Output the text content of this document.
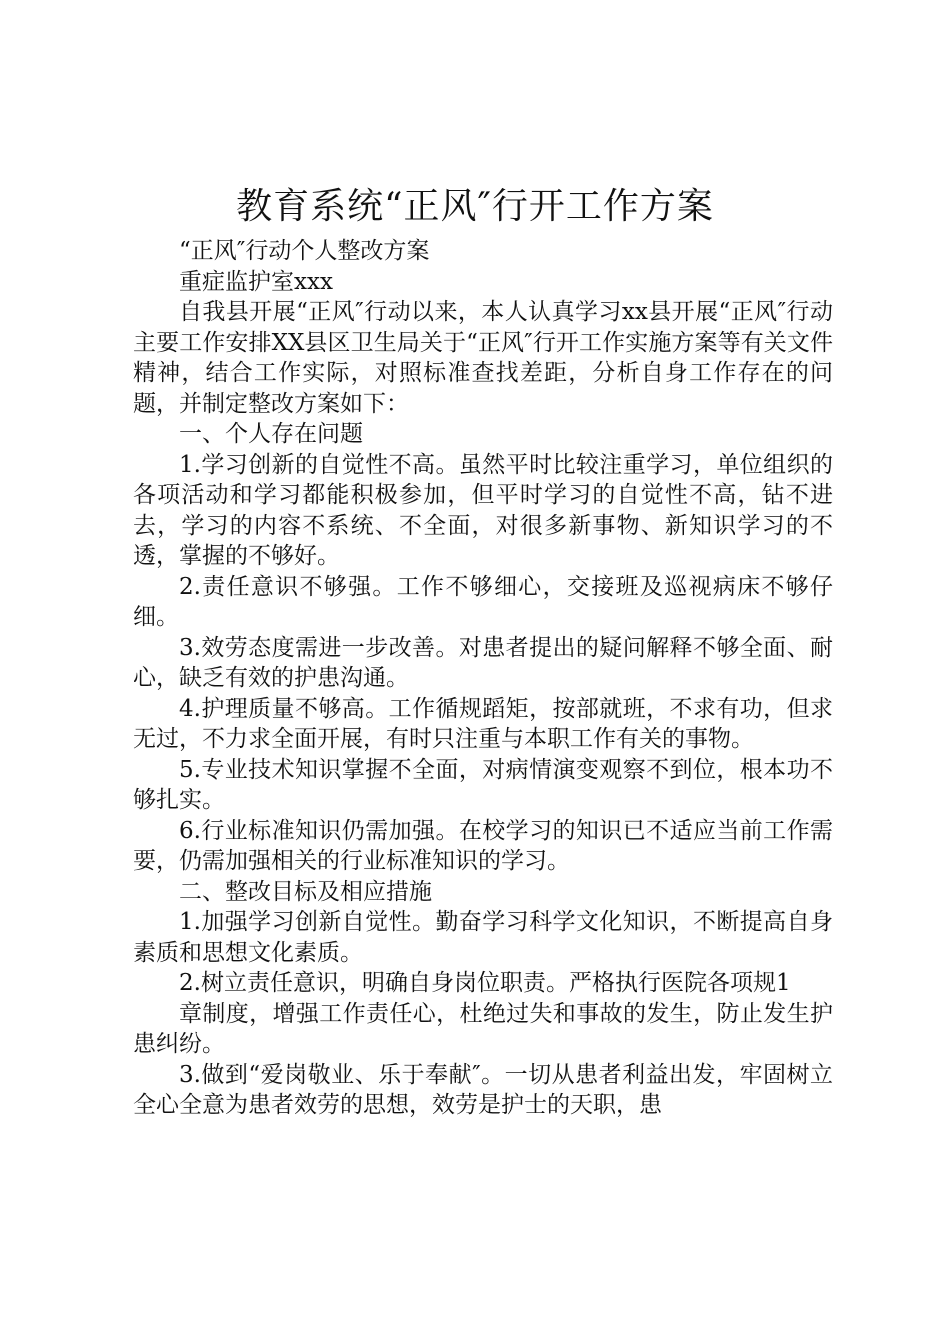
教育系统“正风″行开工作方案

“正风″行动个人整改方案

重症监护室xxx

自我县开展“正风″行动以来，本人认真学习xx县开展“正风″行动主要工作安排XX县区卫生局关于“正风″行开工作实施方案等有关文件精神，结合工作实际，对照标准查找差距，分析自身工作存在的问题，并制定整改方案如下：

一、个人存在问题

1.学习创新的自觉性不高。虽然平时比较注重学习，单位组织的各项活动和学习都能积极参加，但平时学习的自觉性不高，钻不进去，学习的内容不系统、不全面，对很多新事物、新知识学习的不透，掌握的不够好。

2.责任意识不够强。工作不够细心，交接班及巡视病床不够仔细。

3.效劳态度需进一步改善。对患者提出的疑问解释不够全面、耐心，缺乏有效的护患沟通。

4.护理质量不够高。工作循规蹈矩，按部就班，不求有功，但求无过，不力求全面开展，有时只注重与本职工作有关的事物。

5.专业技术知识掌握不全面，对病情演变观察不到位，根本功不够扎实。

6.行业标准知识仍需加强。在校学习的知识已不适应当前工作需要，仍需加强相关的行业标准知识的学习。

二、整改目标及相应措施

1.加强学习创新自觉性。勤奋学习科学文化知识，不断提高自身素质和思想文化素质。

2.树立责任意识，明确自身岗位职责。严格执行医院各项规1

章制度，增强工作责任心，杜绝过失和事故的发生，防止发生护患纠纷。

3.做到“爱岗敬业、乐于奉献″。一切从患者利益出发，牢固树立全心全意为患者效劳的思想，效劳是护士的天职，患
